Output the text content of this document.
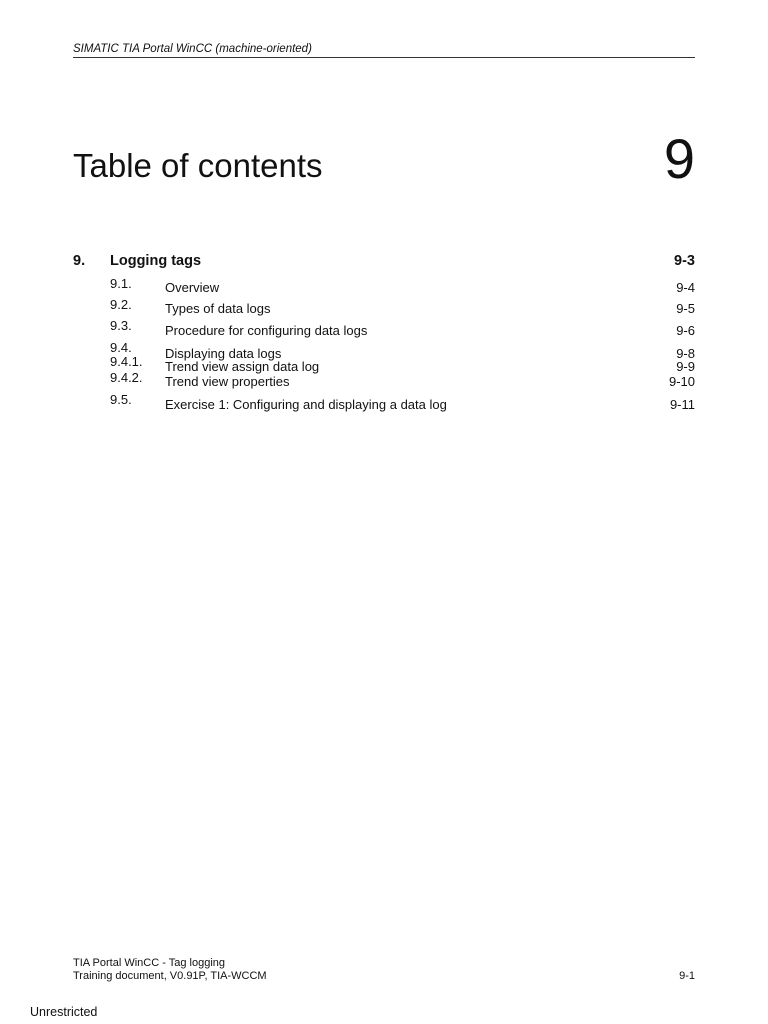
SIMATIC TIA Portal WinCC (machine-oriented)
Table of contents	9
9. Logging tags	9-3
9.1.	Overview	9-4
9.2.	Types of data logs	9-5
9.3.	Procedure for configuring data logs	9-6
9.4.	Displaying data logs	9-8
9.4.1. Trend view assign data log	9-9
9.4.2. Trend view properties	9-10
9.5.	Exercise 1: Configuring and displaying a data log	9-11
TIA Portal WinCC - Tag logging
Training document, V0.91P, TIA-WCCM	9-1
Unrestricted
